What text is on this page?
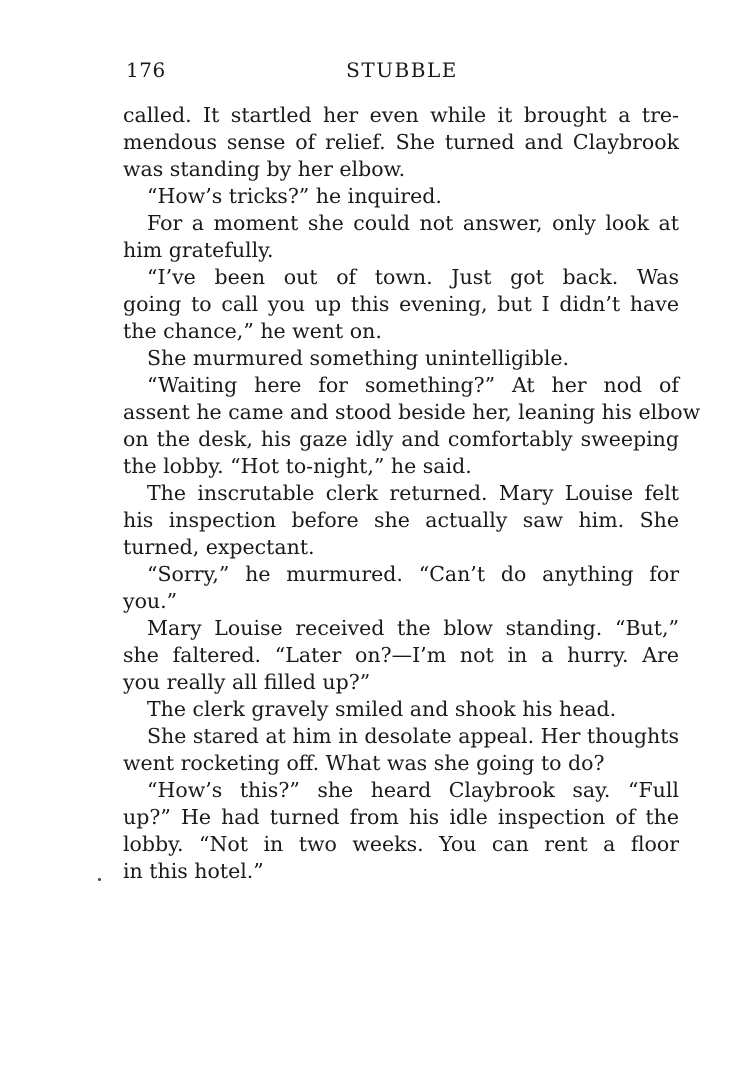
176	STUBBLE
called. It startled her even while it brought a tre-
mendous sense of relief. She turned and Claybrook
was standing by her elbow.
“How’s tricks?” he inquired.
For a moment she could not answer, only look at
him gratefully.
“I’ve been out of town. Just got back. Was
going to call you up this evening, but I didn’t have
the chance,” he went on.
She murmured something unintelligible.
“Waiting here for something?” At her nod of
assent he came and stood beside her, leaning his elbow
on the desk, his gaze idly and comfortably sweeping
the lobby. “Hot to-night,” he said.
The inscrutable clerk returned. Mary Louise felt
his inspection before she actually saw him. She
turned, expectant.
“Sorry,” he murmured. “Can’t do anything for
you.”
Mary Louise received the blow standing. “But,”
she faltered. “Later on?—I’m not in a hurry. Are
you really all filled up?”
The clerk gravely smiled and shook his head.
She stared at him in desolate appeal. Her thoughts
went rocketing off. What was she going to do?
“How’s this?” she heard Claybrook say. “Full
up?” He had turned from his idle inspection of the
lobby. “Not in two weeks. You can rent a floor
in this hotel.”
